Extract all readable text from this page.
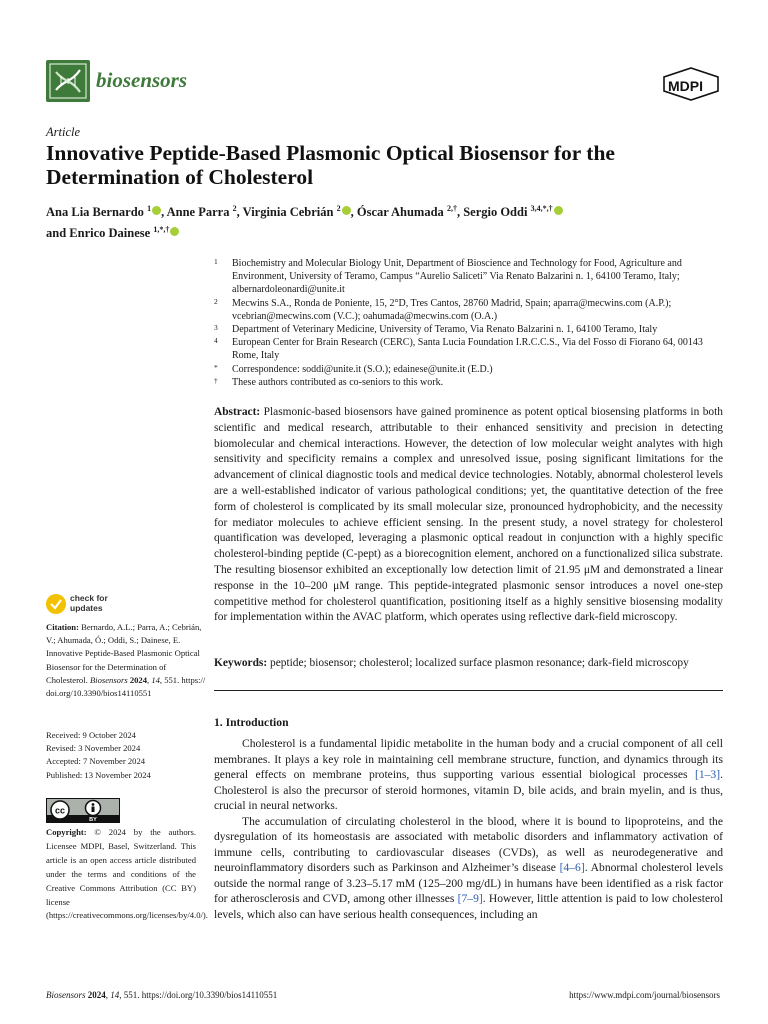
biosensors	MDPI
Article
Innovative Peptide-Based Plasmonic Optical Biosensor for the Determination of Cholesterol
Ana Lia Bernardo $^1$ , Anne Parra $^2$, Virginia Cebrián $^2$ , Óscar Ahumada $^{2,\dagger}$, Sergio Oddi $^{3,4,*,\dagger}$
and Enrico Dainese $^{1,*,\dagger}$
1 Biochemistry and Molecular Biology Unit, Department of Bioscience and Technology for Food, Agriculture and Environment, University of Teramo, Campus “Aurelio Saliceti” Via Renato Balzarini n. 1, 64100 Teramo, Italy; albernardoleonardi@unite.it
2 Mecwins S.A., Ronda de Poniente, 15, 2°D, Tres Cantos, 28760 Madrid, Spain; aparra@mecwins.com (A.P.); vcebrian@mecwins.com (V.C.); oahumada@mecwins.com (O.A.)
3 Department of Veterinary Medicine, University of Teramo, Via Renato Balzarini n. 1, 64100 Teramo, Italy
4 European Center for Brain Research (CERC), Santa Lucia Foundation I.R.C.C.S., Via del Fosso di Fiorano 64, 00143 Rome, Italy
* Correspondence: soddi@unite.it (S.O.); edainese@unite.it (E.D.)
† These authors contributed as co-seniors to this work.
Abstract: Plasmonic-based biosensors have gained prominence as potent optical biosensing platforms in both scientific and medical research, attributable to their enhanced sensitivity and precision in detecting biomolecular and chemical interactions. However, the detection of low molecular weight analytes with high sensitivity and specificity remains a complex and unresolved issue, posing significant limitations for the advancement of clinical diagnostic tools and medical device technologies. Notably, abnormal cholesterol levels are a well-established indicator of various pathological conditions; yet, the quantitative detection of the free form of cholesterol is complicated by its small molecular size, pronounced hydrophobicity, and the necessity for mediator molecules to achieve efficient sensing. In the present study, a novel strategy for cholesterol quantification was developed, leveraging a plasmonic optical readout in conjunction with a highly specific cholesterol-binding peptide (C-pept) as a biorecognition element, anchored on a functionalized silica substrate. The resulting biosensor exhibited an exceptionally low detection limit of 21.95 μM and demonstrated a linear response in the 10–200 μM range. This peptide-integrated plasmonic sensor introduces a novel one-step competitive method for cholesterol quantification, positioning itself as a highly sensitive biosensing modality for implementation within the AVAC platform, which operates using reflective dark-field microscopy.
Keywords: peptide; biosensor; cholesterol; localized surface plasmon resonance; dark-field microscopy
check for
updates
Citation: Bernardo, A.L.; Parra, A.; Cebrián, V.; Ahumada, Ó.; Oddi, S.; Dainese, E. Innovative Peptide-Based Plasmonic Optical Biosensor for the Determination of Cholesterol. Biosensors 2024, 14, 551. https:// doi.org/10.3390/bios14110551
Received: 9 October 2024
Revised: 3 November 2024
Accepted: 7 November 2024
Published: 13 November 2024
cc
BY
Copyright: © 2024 by the authors. Licensee MDPI, Basel, Switzerland. This article is an open access article distributed under the terms and conditions of the Creative Commons Attribution (CC BY) license (https://creativecommons.org/licenses/by/4.0/).
1. Introduction

Cholesterol is a fundamental lipidic metabolite in the human body and a crucial component of all cell membranes. It plays a key role in maintaining cell membrane structure, function, and dynamics through its general effects on membrane proteins, thus supporting various essential biological processes [1–3]. Cholesterol is also the precursor of steroid hormones, vitamin D, bile acids, and brain myelin, and is thus, crucial in neural networks.

The accumulation of circulating cholesterol in the blood, where it is bound to lipoproteins, and the dysregulation of its homeostasis are associated with metabolic disorders and inflammatory activation of immune cells, contributing to cardiovascular diseases (CVDs), as well as neurodegenerative and neuroinflammatory disorders such as Parkinson and Alzheimer’s disease [4–6]. Abnormal cholesterol levels outside the normal range of 3.23–5.17 mM (125–200 mg/dL) in humans have been identified as a risk factor for atherosclerosis and CVD, among other illnesses [7–9]. However, little attention is paid to low cholesterol levels, which also can have serious health consequences, including an

Biosensors 2024, 14, 551. https://doi.org/10.3390/bios14110551	https://www.mdpi.com/journal/biosensors
